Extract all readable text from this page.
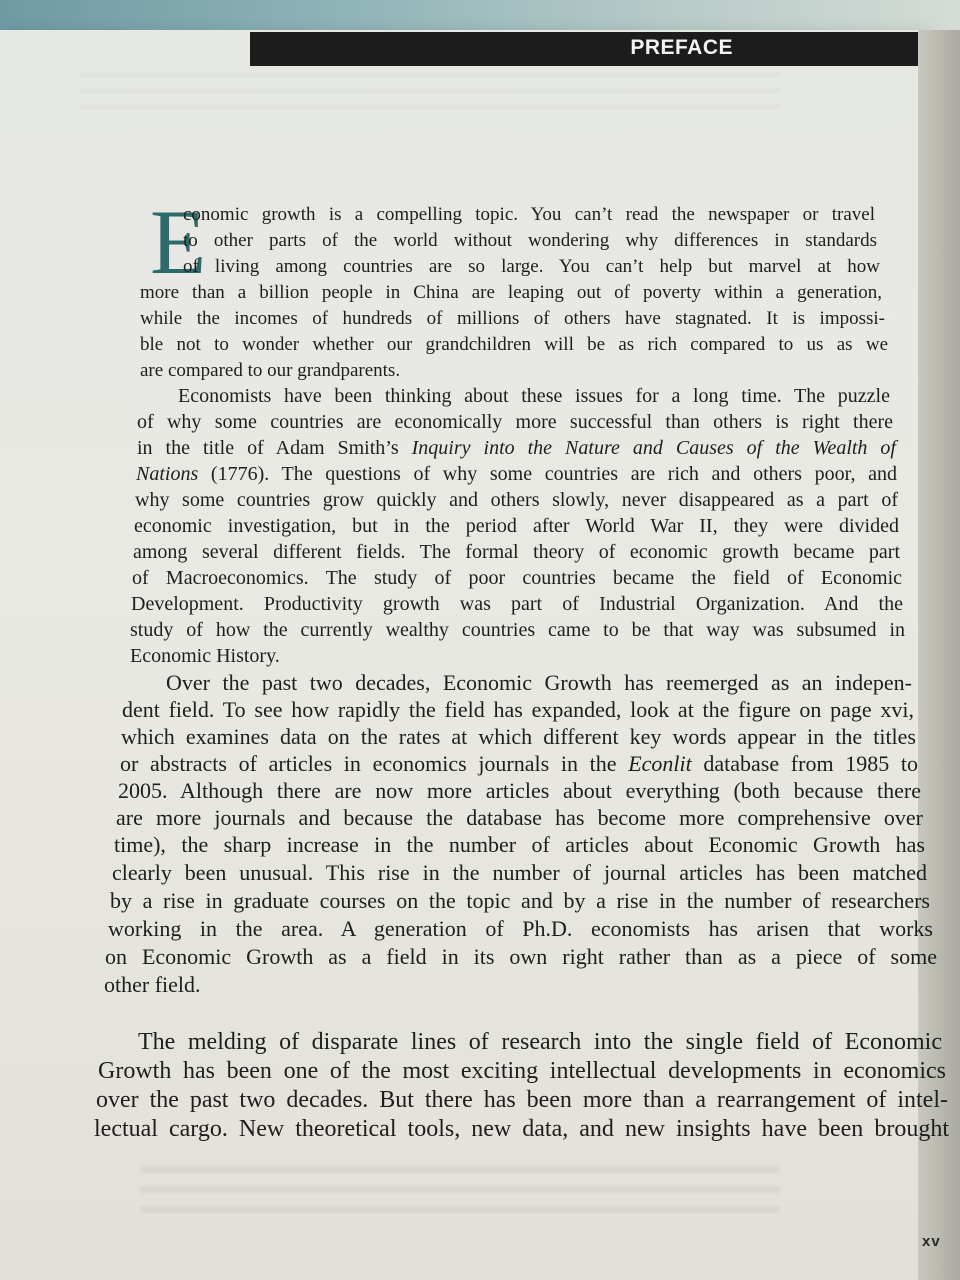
PREFACE
E
conomic growth is a compelling topic. You can’t read the newspaper or travel
to other parts of the world without wondering why differences in standards
of living among countries are so large. You can’t help but marvel at how
more than a billion people in China are leaping out of poverty within a generation,
while the incomes of hundreds of millions of others have stagnated. It is impossi-
ble not to wonder whether our grandchildren will be as rich compared to us as we
are compared to our grandparents.
Economists have been thinking about these issues for a long time. The puzzle
of why some countries are economically more successful than others is right there
in the title of Adam Smith’s Inquiry into the Nature and Causes of the Wealth of
Nations (1776). The questions of why some countries are rich and others poor, and
why some countries grow quickly and others slowly, never disappeared as a part of
economic investigation, but in the period after World War II, they were divided
among several different fields. The formal theory of economic growth became part
of Macroeconomics. The study of poor countries became the field of Economic
Development. Productivity growth was part of Industrial Organization. And the
study of how the currently wealthy countries came to be that way was subsumed in
Economic History.
Over the past two decades, Economic Growth has reemerged as an indepen-
dent field. To see how rapidly the field has expanded, look at the figure on page xvi,
which examines data on the rates at which different key words appear in the titles
or abstracts of articles in economics journals in the Econlit database from 1985 to
2005. Although there are now more articles about everything (both because there
are more journals and because the database has become more comprehensive over
time), the sharp increase in the number of articles about Economic Growth has
clearly been unusual. This rise in the number of journal articles has been matched
by a rise in graduate courses on the topic and by a rise in the number of researchers
working in the area. A generation of Ph.D. economists has arisen that works
on Economic Growth as a field in its own right rather than as a piece of some
other field.
The melding of disparate lines of research into the single field of Economic
Growth has been one of the most exciting intellectual developments in economics
over the past two decades. But there has been more than a rearrangement of intel-
lectual cargo. New theoretical tools, new data, and new insights have been brought
xv
